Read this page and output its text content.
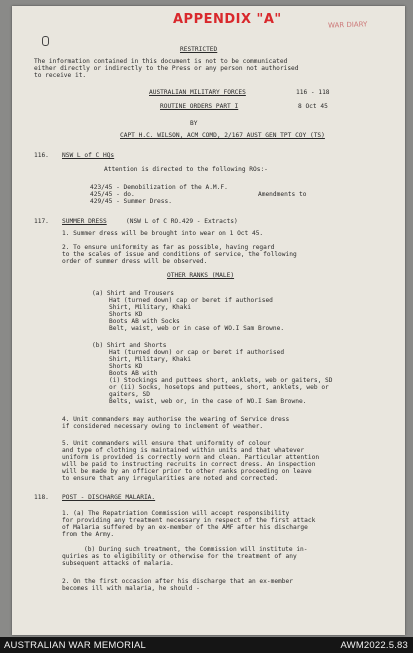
APPENDIX "A"	WAR DIARY
RESTRICTED
The information contained in this document is not to be communicated
either directly or indirectly to the Press or any person not authorised
to receive it.
AUSTRALIAN MILITARY FORCES	116 - 118
ROUTINE ORDERS PART I	8 Oct 45
BY
CAPT H.C. WILSON, ACM COMD, 2/167 AUST GEN TPT COY (TS)
116. NSW L of C HQs
Attention is directed to the following ROs:-
423/45 - Demobilization of the A.M.F.
425/45 - do.	Amendments to
429/45 - Summer Dress.
117. SUMMER DRESS	(NSW L of C RO.429 - Extracts)
1. Summer dress will be brought into wear on 1 Oct 45.
2. To ensure uniformity as far as possible, having regard
to the scales of issue and conditions of service, the following
order of summer dress will be observed.
OTHER RANKS (MALE)
(a) Shirt and Trousers
Hat (turned down) cap or beret if authorised
Shirt, Military, Khaki
Shorts KD
Boots AB with Socks
Belt, waist, web or in case of WO.I Sam Browne.
(b) Shirt and Shorts
Hat (turned down) or cap or beret if authorised
Shirt, Military, Khaki
Shorts KD
Boots AB with
(i) Stockings and puttees short, anklets, web or gaiters, SD
or (ii) Socks, hosetops and puttees, short, anklets, web or
gaiters, SD
Belts, waist, web or, in the case of WO.I Sam Browne.
4. Unit commanders may authorise the wearing of Service dress
if considered necessary owing to inclement of weather.
5. Unit commanders will ensure that uniformity of colour
and type of clothing is maintained within units and that whatever
uniform is provided is correctly worn and clean. Particular attention
will be paid to instructing recruits in correct dress. An inspection
will be made by an officer prior to other ranks proceeding on leave
to ensure that any irregularities are noted and corrected.
118. POST - DISCHARGE MALARIA.
1. (a) The Repatriation Commission will accept responsibility
for providing any treatment necessary in respect of the first attack
of Malaria suffered by an ex-member of the AMF after his discharge
from the Army.
(b) During such treatment, the Commission will institute in-
quiries as to eligibility or otherwise for the treatment of any
subsequent attacks of malaria.
2. On the first occasion after his discharge that an ex-member
becomes ill with malaria, he should -
AUSTRALIAN WAR MEMORIAL	AWM2022.5.83
